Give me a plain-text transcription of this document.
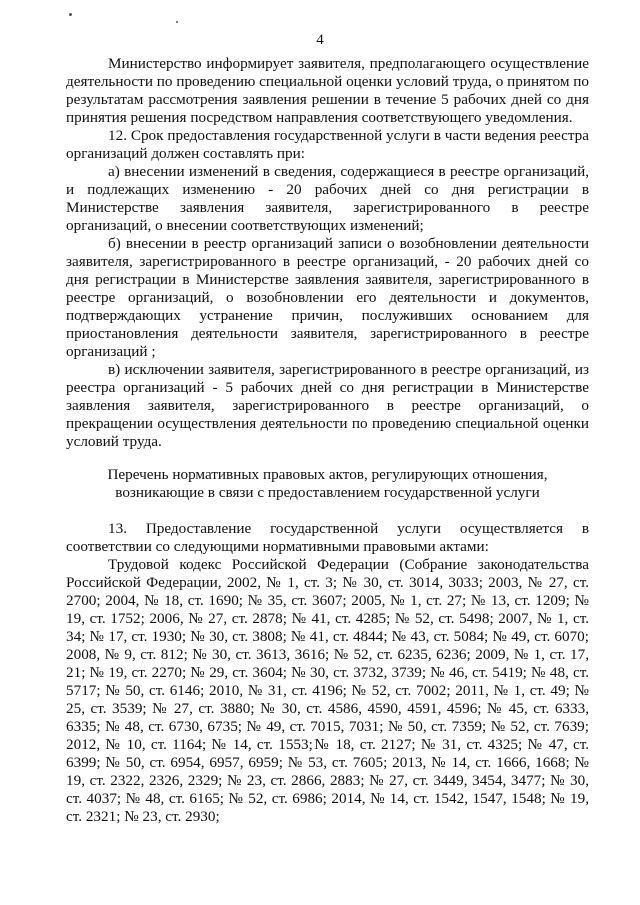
4

Министерство информирует заявителя, предполагающего осуществление деятельности по проведению специальной оценки условий труда, о принятом по результатам рассмотрения заявления решении в течение 5 рабочих дней со дня принятия решения посредством направления соответствующего уведомления.

12. Срок предоставления государственной услуги в части ведения реестра организаций должен составлять при:

а) внесении изменений в сведения, содержащиеся в реестре организаций, и подлежащих изменению - 20 рабочих дней со дня регистрации в Министерстве заявления заявителя, зарегистрированного в реестре организаций, о внесении соответствующих изменений;

б) внесении в реестр организаций записи о возобновлении деятельности заявителя, зарегистрированного в реестре организаций, - 20 рабочих дней со дня регистрации в Министерстве заявления заявителя, зарегистрированного в реестре организаций, о возобновлении его деятельности и документов, подтверждающих устранение причин, послуживших основанием для приостановления деятельности заявителя, зарегистрированного в реестре организаций ;

в) исключении заявителя, зарегистрированного в реестре организаций, из реестра организаций - 5 рабочих дней со дня регистрации в Министерстве заявления заявителя, зарегистрированного в реестре организаций, о прекращении осуществления деятельности по проведению специальной оценки условий труда.

Перечень нормативных правовых актов, регулирующих отношения, возникающие в связи с предоставлением государственной услуги

13. Предоставление государственной услуги осуществляется в соответствии со следующими нормативными правовыми актами:

Трудовой кодекс Российской Федерации (Собрание законодательства Российской Федерации, 2002, № 1, ст. 3; № 30, ст. 3014, 3033; 2003, № 27, ст. 2700; 2004, № 18, ст. 1690; № 35, ст. 3607; 2005, № 1, ст. 27; № 13, ст. 1209; № 19, ст. 1752; 2006, № 27, ст. 2878; № 41, ст. 4285; № 52, ст. 5498; 2007, № 1, ст. 34; № 17, ст. 1930; № 30, ст. 3808; № 41, ст. 4844; № 43, ст. 5084; № 49, ст. 6070; 2008, № 9, ст. 812; № 30, ст. 3613, 3616; № 52, ст. 6235, 6236; 2009, № 1, ст. 17, 21; № 19, ст. 2270; № 29, ст. 3604; № 30, ст. 3732, 3739; № 46, ст. 5419; № 48, ст. 5717; № 50, ст. 6146; 2010, № 31, ст. 4196; № 52, ст. 7002; 2011, № 1, ст. 49; № 25, ст. 3539; № 27, ст. 3880; № 30, ст. 4586, 4590, 4591, 4596; № 45, ст. 6333, 6335; № 48, ст. 6730, 6735; № 49, ст. 7015, 7031; № 50, ст. 7359; № 52, ст. 7639; 2012, № 10, ст. 1164; № 14, ст. 1553;№ 18, ст. 2127; № 31, ст. 4325; № 47, ст. 6399; № 50, ст. 6954, 6957, 6959; № 53, ст. 7605; 2013, № 14, ст. 1666, 1668; № 19, ст. 2322, 2326, 2329; № 23, ст. 2866, 2883; № 27, ст. 3449, 3454, 3477; № 30, ст. 4037; № 48, ст. 6165; № 52, ст. 6986; 2014, № 14, ст. 1542, 1547, 1548; № 19, ст. 2321; № 23, ст. 2930;
